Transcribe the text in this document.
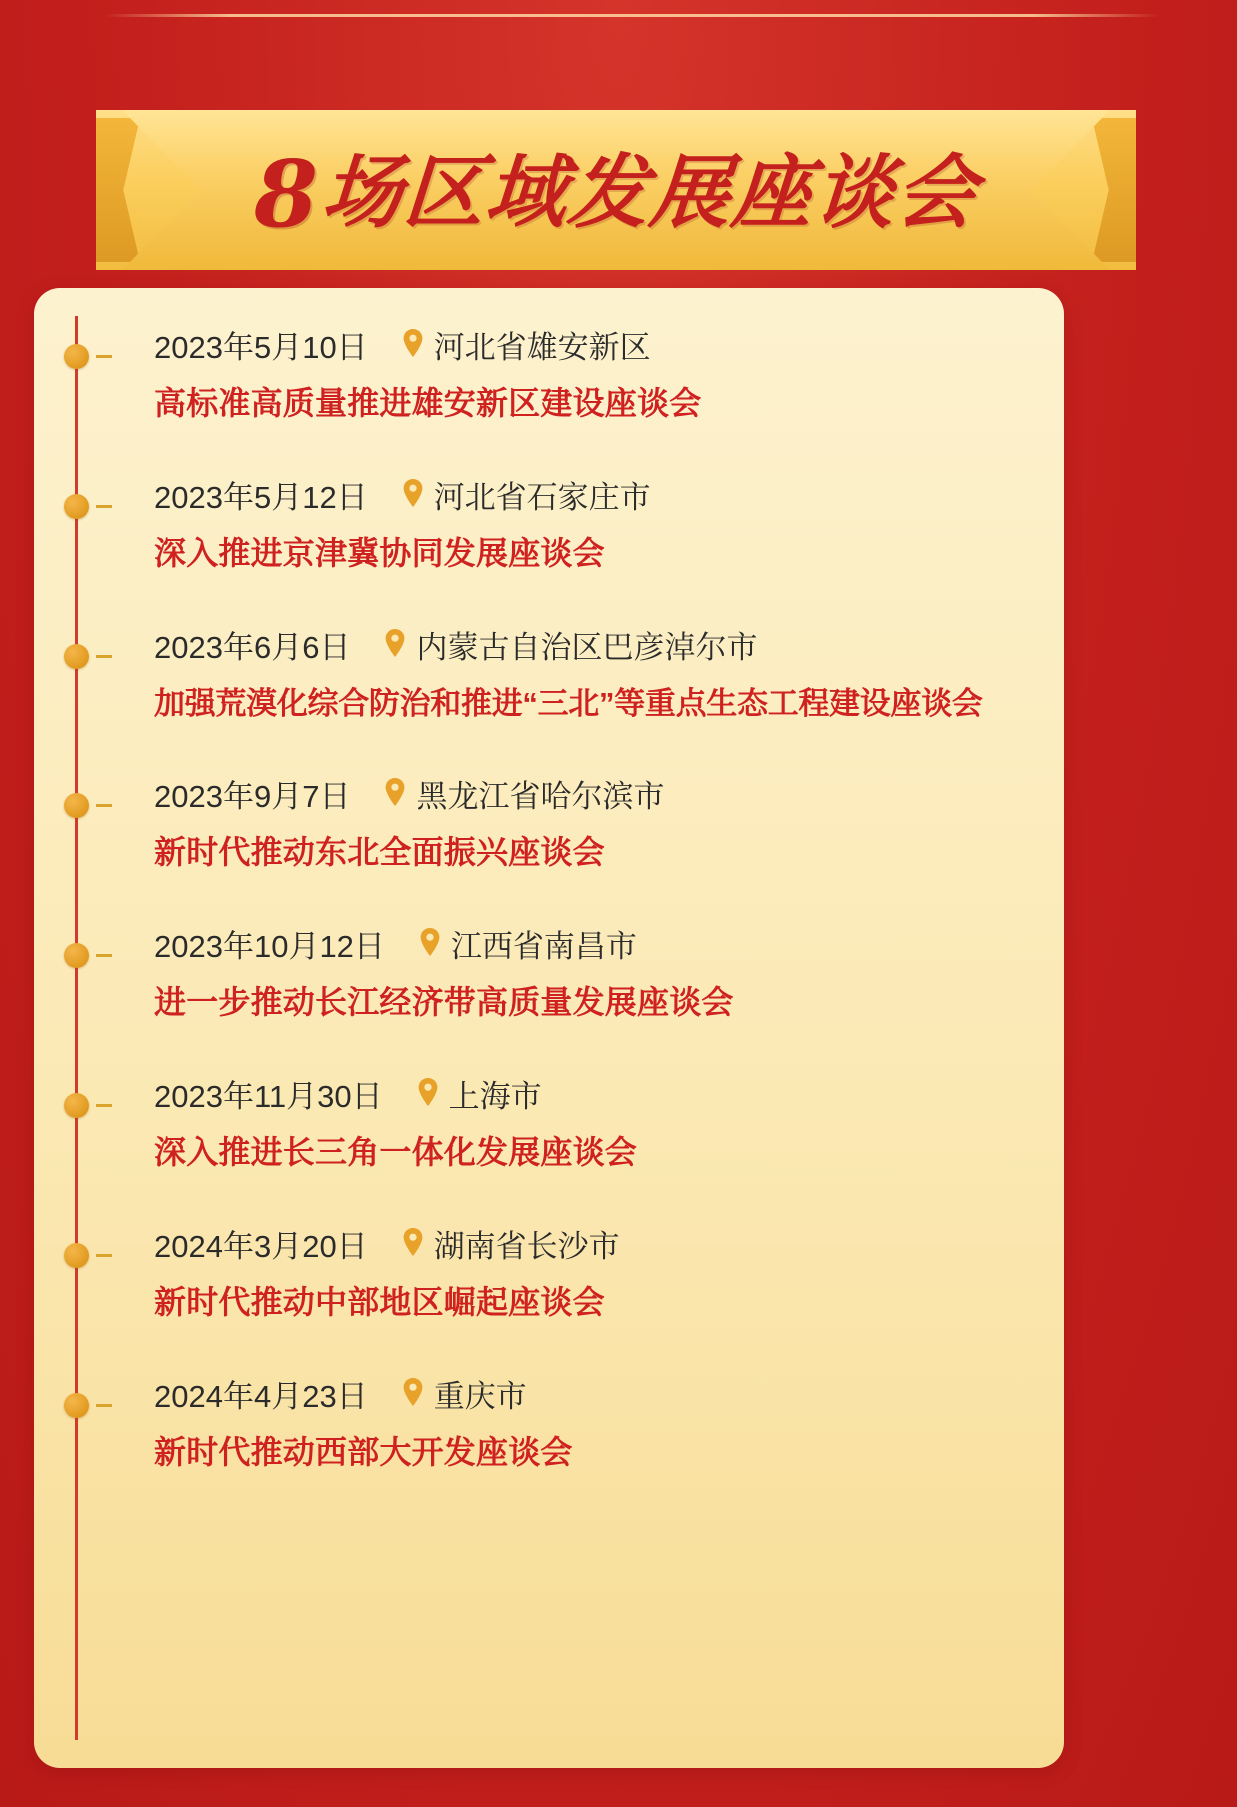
8 场区域发展座谈会
2023年5月10日 河北省雄安新区
高标准高质量推进雄安新区建设座谈会
2023年5月12日 河北省石家庄市
深入推进京津冀协同发展座谈会
2023年6月6日 内蒙古自治区巴彦淖尔市
加强荒漠化综合防治和推进“三北”等重点生态工程建设座谈会
2023年9月7日 黑龙江省哈尔滨市
新时代推动东北全面振兴座谈会
2023年10月12日 江西省南昌市
进一步推动长江经济带高质量发展座谈会
2023年11月30日 上海市
深入推进长三角一体化发展座谈会
2024年3月20日 湖南省长沙市
新时代推动中部地区崛起座谈会
2024年4月23日 重庆市
新时代推动西部大开发座谈会
